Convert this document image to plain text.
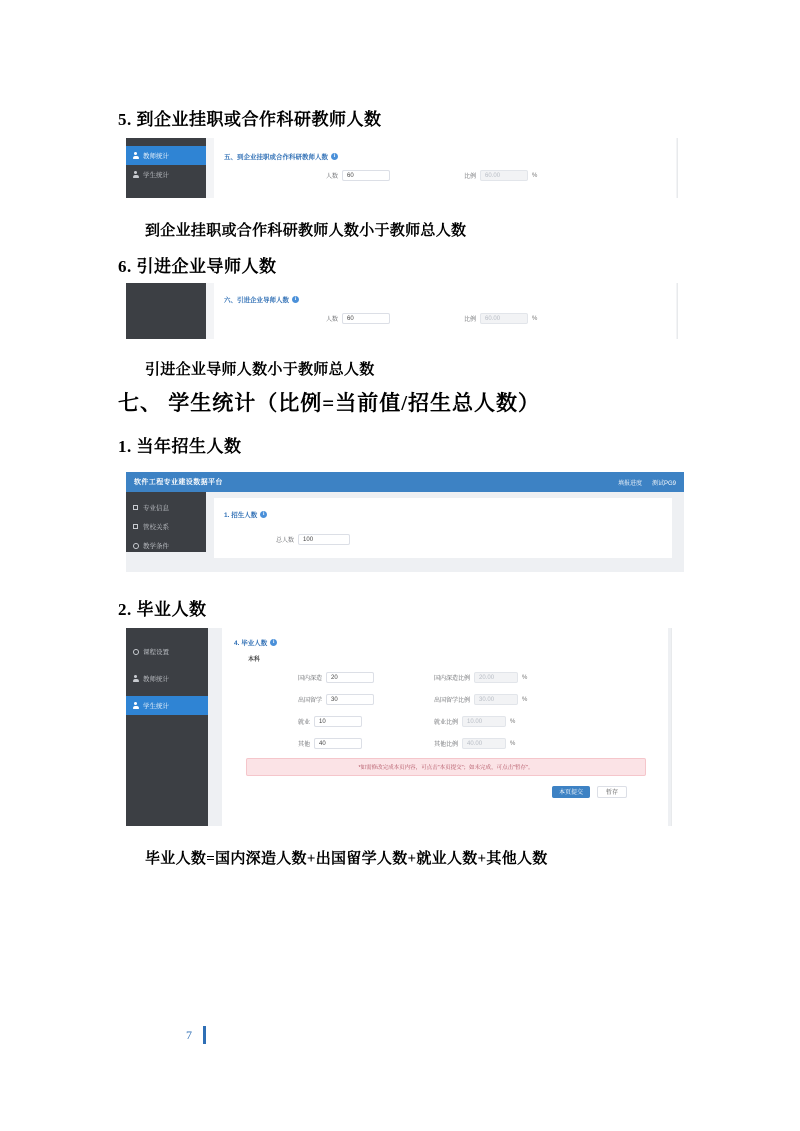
5. 到企业挂职或合作科研教师人数
教师统计
学生统计
五、到企业挂职或合作科研教师人数	i
人数	60	比例	60.00	%
到企业挂职或合作科研教师人数小于教师总人数
6. 引进企业导师人数
六、引进企业导师人数	i
人数	60	比例	60.00	%
引进企业导师人数小于教师总人数
七、 学生统计（比例=当前值/招生总人数）
1. 当年招生人数
软件工程专业建设数据平台	填报进度 测试PG9
专业信息
管校关系
教学条件
1. 招生人数	i
总人数	100
2. 毕业人数
课程设置
教师统计
学生统计
4. 毕业人数	i
本科
国内深造	20	国内深造比例	20.00	%
出国留学	30	出国留学比例	30.00	%
就业	10	就业比例	10.00	%
其他	40	其他比例	40.00	%
*如需修改完成本页内容，可点击"本页提交"；如未完成，可点击"暂存"。
本页提交	暂存
毕业人数=国内深造人数+出国留学人数+就业人数+其他人数
7
